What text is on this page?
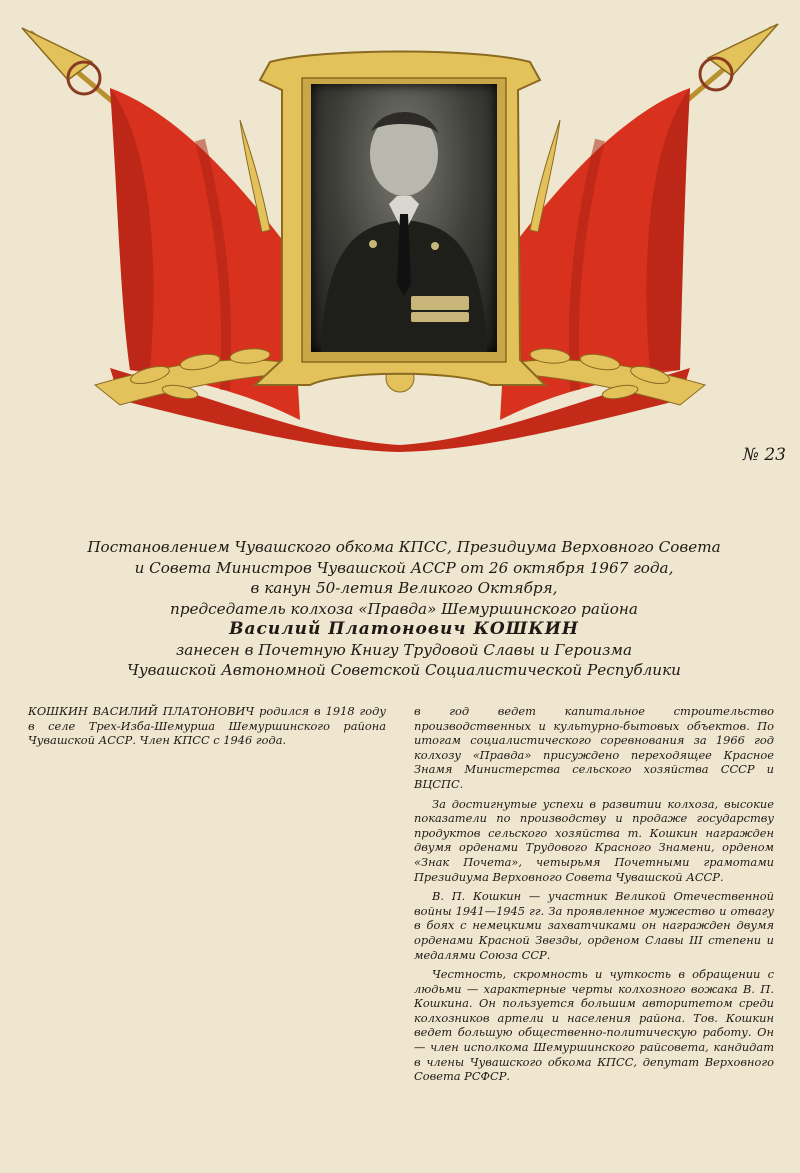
№ 23
Постановлением Чувашского обкома КПСС, Президиума Верховного Совета
и Совета Министров Чувашской АССР от 26 октября 1967 года,
в канун 50-летия Великого Октября,
председатель колхоза «Правда» Шемуршинского района
Василий Платонович КОШКИН
занесен в Почетную Книгу Трудовой Славы и Героизма
Чувашской Автономной Советской Социалистической Республики

КОШКИН ВАСИЛИЙ ПЛАТОНОВИЧ родился в 1918 году в селе Трех-Изба-Шемурша Шемуршинского района Чувашской АССР. Член КПСС с 1946 года.

в год ведет капитальное строительство производственных и культурно-бытовых объектов. По итогам социалистического соревнования за 1966 год колхозу «Правда» присуждено переходящее Красное Знамя Министерства сельского хозяйства СССР и ВЦСПС.

За достигнутые успехи в развитии колхоза, высокие показатели по производству и продаже государству продуктов сельского хозяйства т. Кошкин награжден двумя орденами Трудового Красного Знамени, орденом «Знак Почета», четырьмя Почетными грамотами Президиума Верховного Совета Чувашской АССР.

В. П. Кошкин — участник Великой Отечественной войны 1941—1945 гг. За проявленное мужество и отвагу в боях с немецкими захватчиками он награжден двумя орденами Красной Звезды, орденом Славы III степени и медалями Союза ССР.

Честность, скромность и чуткость в обращении с людьми — характерные черты колхозного вожака В. П. Кошкина. Он пользуется большим авторитетом среди колхозников артели и населения района. Тов. Кошкин ведет большую общественно-политическую работу. Он — член исполкома Шемуршинского райсовета, кандидат в члены Чувашского обкома КПСС, депутат Верховного Совета РСФСР.
